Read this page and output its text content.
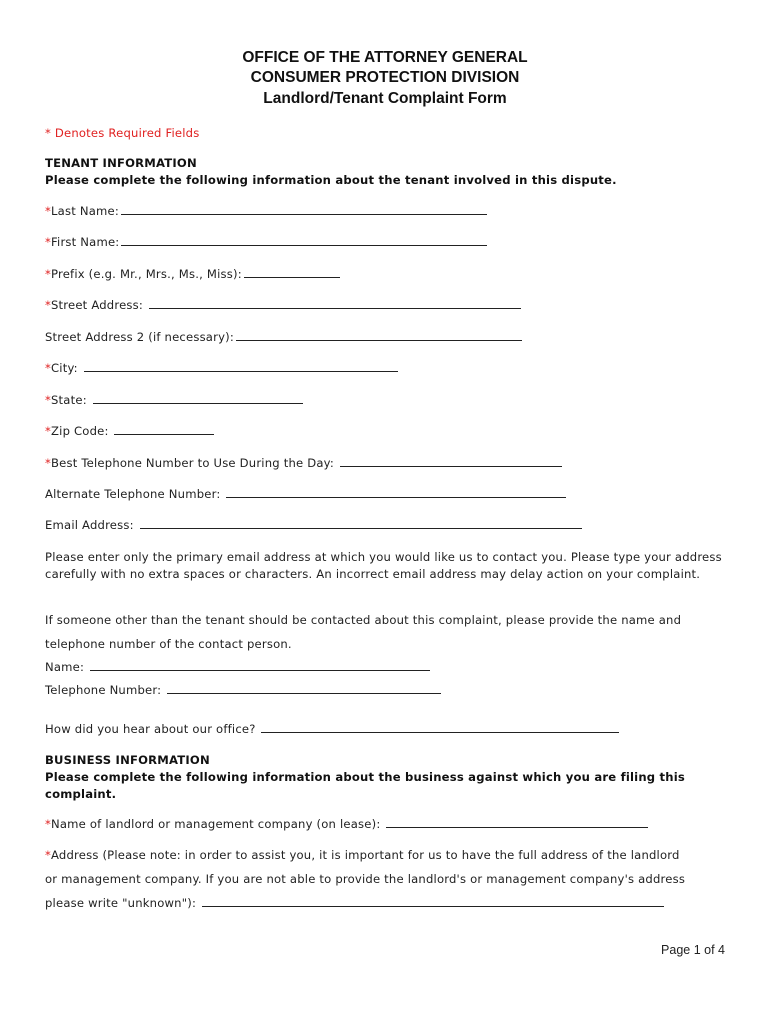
OFFICE OF THE ATTORNEY GENERAL
CONSUMER PROTECTION DIVISION
Landlord/Tenant Complaint Form
* Denotes Required Fields
TENANT INFORMATION
Please complete the following information about the tenant involved in this dispute.
*Last Name:
*First Name:
*Prefix (e.g. Mr., Mrs., Ms., Miss):
*Street Address:
Street Address 2 (if necessary):
*City:
*State:
*Zip Code:
*Best Telephone Number to Use During the Day:
Alternate Telephone Number:
Email Address:
Please enter only the primary email address at which you would like us to contact you. Please type your address carefully with no extra spaces or characters. An incorrect email address may delay action on your complaint.
If someone other than the tenant should be contacted about this complaint, please provide the name and
telephone number of the contact person.
Name:
Telephone Number:
How did you hear about our office?
BUSINESS INFORMATION
Please complete the following information about the business against which you are filing this complaint.
*Name of landlord or management company (on lease):
*Address (Please note: in order to assist you, it is important for us to have the full address of the landlord
or management company. If you are not able to provide the landlord's or management company's address
please write "unknown"):
Page 1 of 4
